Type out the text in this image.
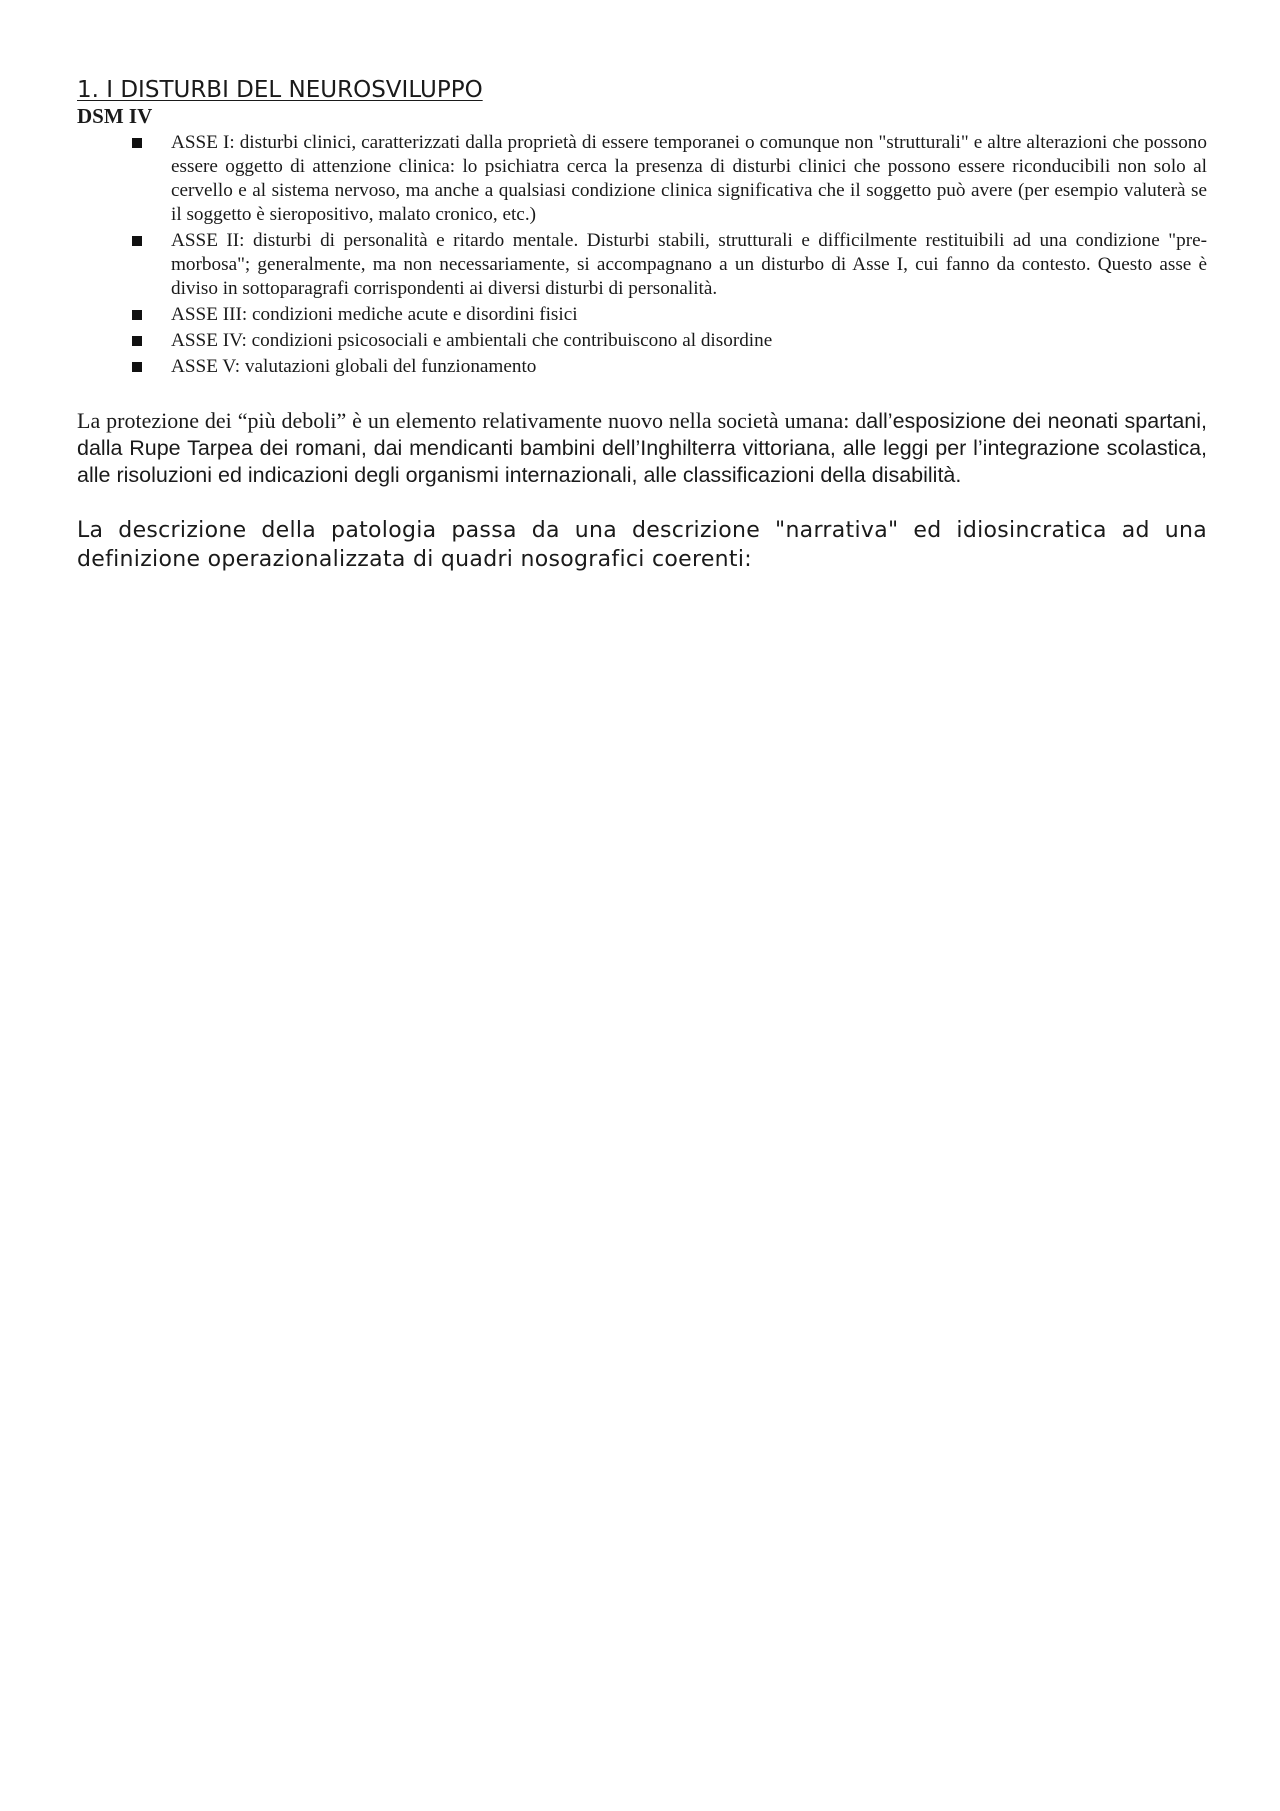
1. I DISTURBI DEL NEUROSVILUPPO
DSM IV
ASSE I: disturbi clinici, caratterizzati dalla proprietà di essere temporanei o comunque non "strutturali" e altre alterazioni che possono essere oggetto di attenzione clinica: lo psichiatra cerca la presenza di disturbi clinici che possono essere riconducibili non solo al cervello e al sistema nervoso, ma anche a qualsiasi condizione clinica significativa che il soggetto può avere (per esempio valuterà se il soggetto è sieropositivo, malato cronico, etc.)
ASSE II: disturbi di personalità e ritardo mentale. Disturbi stabili, strutturali e difficilmente restituibili ad una condizione "pre-morbosa"; generalmente, ma non necessariamente, si accompagnano a un disturbo di Asse I, cui fanno da contesto. Questo asse è diviso in sottoparagrafi corrispondenti ai diversi disturbi di personalità.
ASSE III: condizioni mediche acute e disordini fisici
ASSE IV: condizioni psicosociali e ambientali che contribuiscono al disordine
ASSE V: valutazioni globali del funzionamento

La protezione dei “più deboli” è un elemento relativamente nuovo nella società umana: dall’esposizione dei neonati spartani, dalla Rupe Tarpea dei romani, dai mendicanti bambini dell’Inghilterra vittoriana, alle leggi per l’integrazione scolastica, alle risoluzioni ed indicazioni degli organismi internazionali, alle classificazioni della disabilità.

La descrizione della patologia passa da una descrizione "narrativa" ed idiosincratica ad una definizione operazionalizzata di quadri nosografici coerenti:
